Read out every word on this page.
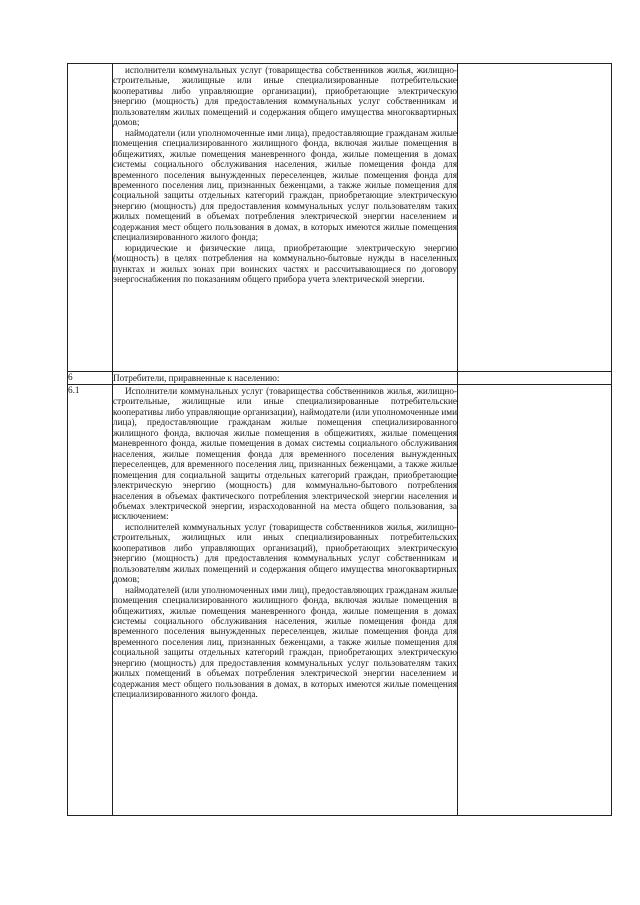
	исполнители коммунальных услуг (товарищества собственников жилья, жилищно-строительные, жилищные или иные специализированные потребительские кооперативы либо управляющие организации), приобретающие электрическую энергию (мощность) для предоставления коммунальных услуг собственникам и пользователям жилых помещений и содержания общего имущества многоквартирных домов;

наймодатели (или уполномоченные ими лица), предоставляющие гражданам жилые помещения специализированного жилищного фонда, включая жилые помещения в общежитиях, жилые помещения маневренного фонда, жилые помещения в домах системы социального обслуживания населения, жилые помещения фонда для временного поселения вынужденных переселенцев, жилые помещения фонда для временного поселения лиц, признанных беженцами, а также жилые помещения для социальной защиты отдельных категорий граждан, приобретающие электрическую энергию (мощность) для предоставления коммунальных услуг пользователям таких жилых помещений в объемах потребления электрической энергии населением и содержания мест общего пользования в домах, в которых имеются жилые помещения специализированного жилого фонда;

юридические и физические лица, приобретающие электрическую энергию (мощность) в целях потребления на коммунально-бытовые нужды в населенных пунктах и жилых зонах при воинских частях и рассчитывающиеся по договору энергоснабжения по показаниям общего прибора учета электрической энергии.	

6	Потребители, приравненные к населению:	

6.1	Исполнители коммунальных услуг (товарищества собственников жилья, жилищно-строительные, жилищные или иные специализированные потребительские кооперативы либо управляющие организации), наймодатели (или уполномоченные ими лица), предоставляющие гражданам жилые помещения специализированного жилищного фонда, включая жилые помещения в общежитиях, жилые помещения маневренного фонда, жилые помещения в домах системы социального обслуживания населения, жилые помещения фонда для временного поселения вынужденных переселенцев, для временного поселения лиц, признанных беженцами, а также жилые помещения для социальной защиты отдельных категорий граждан, приобретающие электрическую энергию (мощность) для коммунально-бытового потребления населения в объемах фактического потребления электрической энергии населения и объемах электрической энергии, израсходованной на места общего пользования, за исключением:

исполнителей коммунальных услуг (товариществ собственников жилья, жилищно-строительных, жилищных или иных специализированных потребительских кооперативов либо управляющих организаций), приобретающих электрическую энергию (мощность) для предоставления коммунальных услуг собственникам и пользователям жилых помещений и содержания общего имущества многоквартирных домов;

наймодателей (или уполномоченных ими лиц), предоставляющих гражданам жилые помещения специализированного жилищного фонда, включая жилые помещения в общежитиях, жилые помещения маневренного фонда, жилые помещения в домах системы социального обслуживания населения, жилые помещения фонда для временного поселения вынужденных переселенцев, жилые помещения фонда для временного поселения лиц, признанных беженцами, а также жилые помещения для социальной защиты отдельных категорий граждан, приобретающих электрическую энергию (мощность) для предоставления коммунальных услуг пользователям таких жилых помещений в объемах потребления электрической энергии населением и содержания мест общего пользования в домах, в которых имеются жилые помещения специализированного жилого фонда.	
